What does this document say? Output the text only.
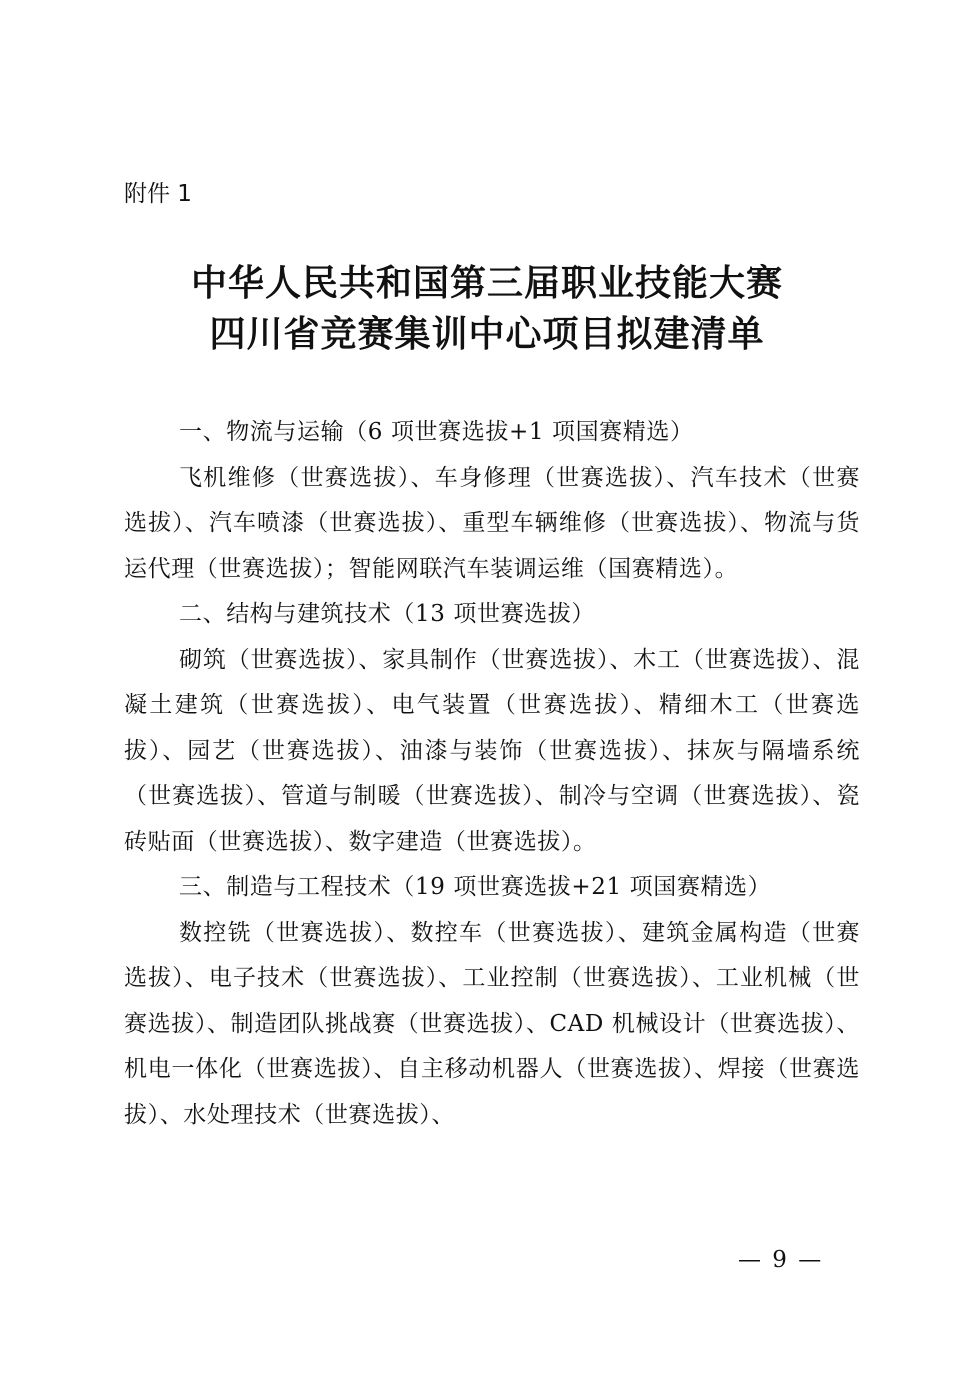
附件 1
中华人民共和国第三届职业技能大赛
四川省竞赛集训中心项目拟建清单

一、物流与运输（6 项世赛选拔+1 项国赛精选）

飞机维修（世赛选拔）、车身修理（世赛选拔）、汽车技术（世赛选拔）、汽车喷漆（世赛选拔）、重型车辆维修（世赛选拔）、物流与货运代理（世赛选拔）；智能网联汽车装调运维（国赛精选）。

二、结构与建筑技术（13 项世赛选拔）

砌筑（世赛选拔）、家具制作（世赛选拔）、木工（世赛选拔）、混凝土建筑（世赛选拔）、电气装置（世赛选拔）、精细木工（世赛选拔）、园艺（世赛选拔）、油漆与装饰（世赛选拔）、抹灰与隔墙系统（世赛选拔）、管道与制暖（世赛选拔）、制冷与空调（世赛选拔）、瓷砖贴面（世赛选拔）、数字建造（世赛选拔）。

三、制造与工程技术（19 项世赛选拔+21 项国赛精选）

数控铣（世赛选拔）、数控车（世赛选拔）、建筑金属构造（世赛选拔）、电子技术（世赛选拔）、工业控制（世赛选拔）、工业机械（世赛选拔）、制造团队挑战赛（世赛选拔）、CAD 机械设计（世赛选拔）、机电一体化（世赛选拔）、自主移动机器人（世赛选拔）、焊接（世赛选拔）、水处理技术（世赛选拔）、

— 9 —
